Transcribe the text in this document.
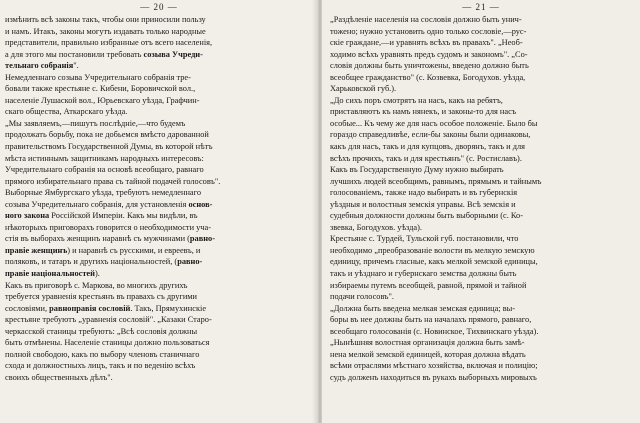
— 20 —
измѣнить всѣ законы такъ, чтобы они приносили пользу
и намъ. Итакъ, законы могутъ издавать только народные
представители, правильно избранные отъ всего населенія,
а для этого мы постановили требовать созыва Учреди-
тельнаго собранія".
Немедленнаго созыва Учредительнаго собранія тре-
бовали также крестьяне с. Кибени, Боровичской вол.,
населеніе Лушаской вол., Юрьевскаго уѣзда, Графчин-
скаго общества, Аткарскаго уѣзда.
„Мы заявляемъ,—пишутъ послѣдніе,—что будемъ
продолжать борьбу, пока не добьемся вмѣсто дарованной
правительствомъ Государственной Думы, въ которой нѣтъ
мѣста истиннымъ защитникамъ народныхъ интересовъ:
Учредительнаго собранія на основѣ всеобщаго, равнаго
прямого избирательнаго права съ тайной подачей голосовъ".
Выборные Ямбургскаго уѣзда, требуютъ немедленнаго
созыва Учредительнаго собранія, для установленія основ-
ного закона Россійской Имперіи. Какъ мы видѣли, въ
нѣкоторыхъ приговорахъ говорится о необходимости уча-
стія въ выборахъ женщинъ наравнѣ съ мужчинами (равно-
правіе женщинъ) и наравнѣ съ русскими, и евреевъ, и
поляковъ, и татаръ и другихъ національностей, (равно-
правіе національностей).
Какъ въ приговорѣ с. Маркова, во многихъ другихъ
требуется уравненія крестьянъ въ правахъ съ другими
сословіями, равноправія сословій. Такъ, Прямухинскіе
крестьяне требуютъ „уравненія сословій". „Казаки Старо-
черкасской станицы требуютъ: „Всѣ сословія должны
быть отмѣнены. Населеніе станицы должно пользоваться
полной свободою, какъ по выбору членовъ станичнаго
схода и должностныхъ лицъ, такъ и по веденію всѣхъ
своихъ общественныхъ дѣлъ".
— 21 —
„Раздѣленіе населенія на сословія должно быть унич-
тожено; нужно установить одно только сословіе,—рус-
скіе граждане,—и уравнять всѣхъ въ правахъ". „Необ-
ходимо всѣхъ уравнять предъ судомъ и закономъ". „Со-
словія должны быть уничтожены, введено должно быть
всеобщее гражданство" (с. Козвевка, Богодухов. уѣзда,
Харьковской губ.).
„До сихъ поръ смотрятъ на насъ, какъ на ребятъ,
приставляютъ къ намъ нянекъ, и законы-то для насъ
особые... Къ чему же для насъ особое положеніе. Было бы
гораздо справедливѣе, если-бы законы были одинаковы,
какъ для насъ, такъ и для купцовъ, дворянъ, такъ и для
всѣхъ прочихъ, такъ и для крестьянъ" (с. Ростиславъ).
Какъ въ Государственную Думу нужно выбирать
лучшихъ людей всеобщимъ, равнымъ, прямымъ и тайнымъ
голосованіемъ, также надо выбирать и въ губернскія
уѣздныя и волостныя земскія управы. Всѣ земскія и
судебныя должности должны быть выборными (с. Ко-
звевка, Богодухов. уѣзда).
Крестьяне с. Турдей, Тульской губ. постановили, что
необходимо „преобразованіе волости въ мелкую земскую
единицу, причемъ гласные, какъ мелкой земской единицы,
такъ и уѣзднаго и губернскаго земства должны быть
избираемы путемъ всеобщей, равной, прямой и тайной
подачи голосовъ".
„Должна быть введена мелкая земская единица; вы-
боры въ нее должны быть на началахъ прямого, равнаго,
всеобщаго голосованія (с. Новинское, Тихвинскаго уѣзда).
„Нынѣшняя волостная организація должна быть замѣ-
нена мелкой земской единицей, которая должна вѣдать
всѣми отраслями мѣстнаго хозяйства, включая и полицію;
судъ долженъ находиться въ рукахъ выборныхъ мировыхъ
